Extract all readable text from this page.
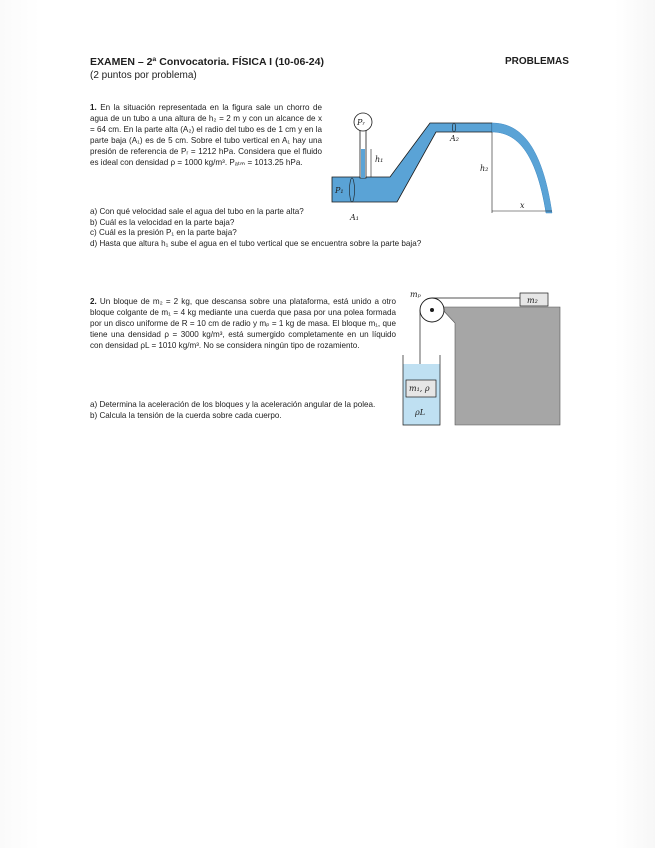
EXAMEN – 2ª Convocatoria. FÍSICA I (10-06-24)
(2 puntos por problema)
PROBLEMAS
1. En la situación representada en la figura sale un chorro de agua de un tubo a una altura de h₂ = 2 m y con un alcance de x = 64 cm. En la parte alta (A₂) el radio del tubo es de 1 cm y en la parte baja (A₁) es de 5 cm. Sobre el tubo vertical en A₁ hay una presión de referencia de Pᵣ = 1212 hPa. Considera que el fluido es ideal con densidad ρ = 1000 kg/m³. Pₐₜₘ = 1013.25 hPa.
Pᵣ
h₁
P₁
A₁
A₂
h₂
x
a) Con qué velocidad sale el agua del tubo en la parte alta?
b) Cuál es la velocidad en la parte baja?
c) Cuál es la presión P₁ en la parte baja?
d) Hasta que altura h₁ sube el agua en el tubo vertical que se encuentra sobre la parte baja?
2. Un bloque de m₂ = 2 kg, que descansa sobre una plataforma, está unido a otro bloque colgante de m₁ = 4 kg mediante una cuerda que pasa por una polea formada por un disco uniforme de R = 10 cm de radio y mₚ = 1 kg de masa. El bloque m₁, que tiene una densidad ρ = 3000 kg/m³, está sumergido completamente en un líquido con densidad ρL = 1010 kg/m³. No se considera ningún tipo de rozamiento.
a) Determina la aceleración de los bloques y la aceleración angular de la polea.
b) Calcula la tensión de la cuerda sobre cada cuerpo.
m₂
mₚ
m₁, ρ
ρL
